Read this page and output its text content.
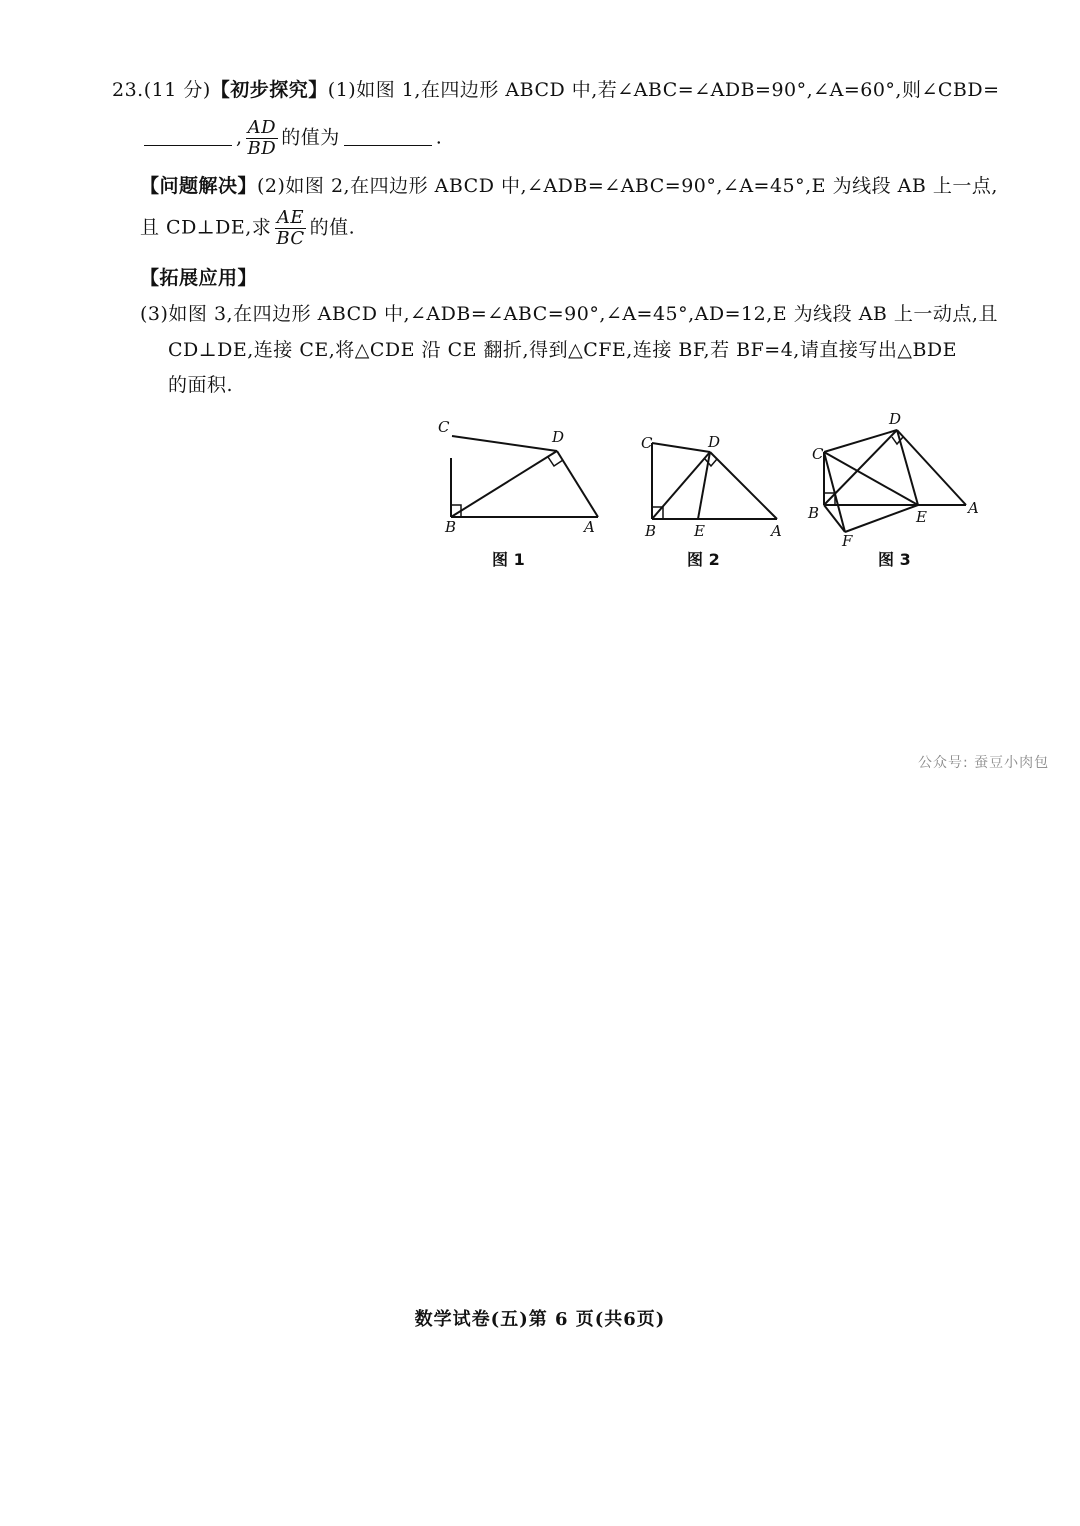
23.(11 分)【初步探究】(1)如图 1,在四边形 ABCD 中,若∠ABC=∠ADB=90°,∠A=60°,则∠CBD=
, $\frac{AD}{BD}$ 的值为	.
【问题解决】(2)如图 2,在四边形 ABCD 中,∠ADB=∠ABC=90°,∠A=45°,E 为线段 AB 上一点,
且 CD⊥DE,求 $\frac{AE}{BC}$ 的值.
【拓展应用】
(3)如图 3,在四边形 ABCD 中,∠ADB=∠ABC=90°,∠A=45°,AD=12,E 为线段 AB 上一动点,且
CD⊥DE,连接 CE,将△CDE 沿 CE 翻折,得到△CFE,连接 BF,若 BF=4,请直接写出△BDE
的面积.
C
D
B	A
C	D
B	E	A
C
D
B	E	A
F
图 1	图 2	图 3
公众号: 蚕豆小肉包
数学试卷(五)第 6 页(共6页)
